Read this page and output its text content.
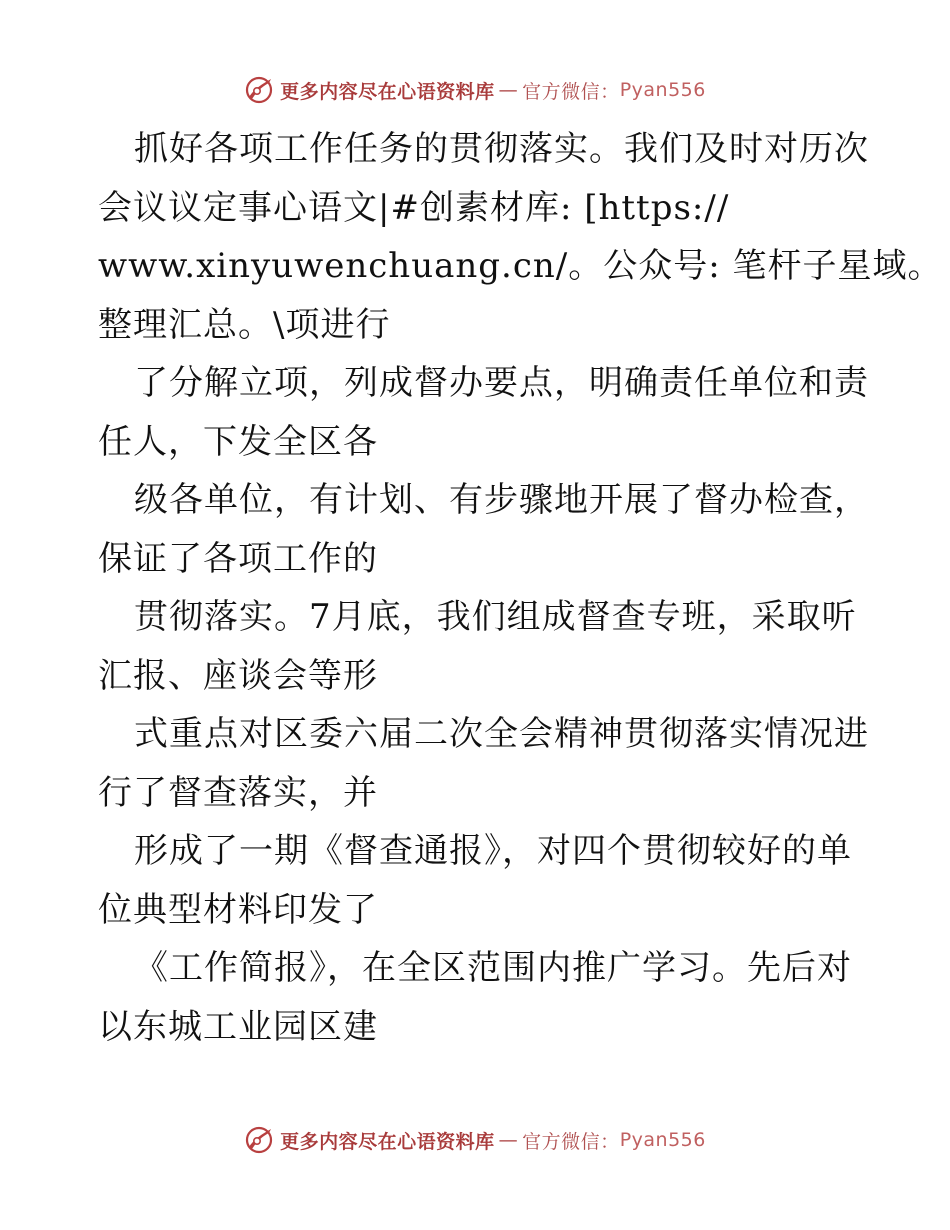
更多内容尽在心语资料库 — 官方微信： Pyan556
抓好各项工作任务的贯彻落实。我们及时对历次
会议议定事心语文|#创素材库: [https://
www.xinyuwenchuang.cn/。公众号: 笔杆子星域。
整理汇总。\项进行
了分解立项，列成督办要点，明确责任单位和责
任人，下发全区各
级各单位，有计划、有步骤地开展了督办检查，
保证了各项工作的
贯彻落实。7月底，我们组成督查专班，采取听
汇报、座谈会等形
式重点对区委六届二次全会精神贯彻落实情况进
行了督查落实，并
形成了一期《督查通报》，对四个贯彻较好的单
位典型材料印发了
《工作简报》，在全区范围内推广学习。先后对
以东城工业园区建
更多内容尽在心语资料库 — 官方微信： Pyan556
